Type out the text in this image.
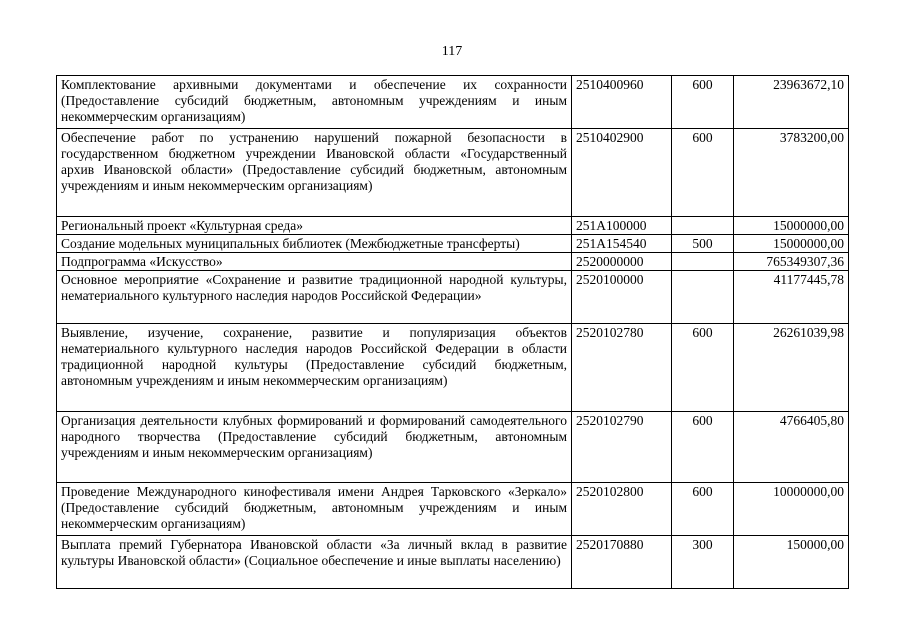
117
Комплектование архивными документами и обеспечение их сохранности (Предоставление субсидий бюджетным, автономным учреждениям и иным некоммерческим организациям)	2510400960	600	23963672,10
Обеспечение работ по устранению нарушений пожарной безопасности в государственном бюджетном учреждении Ивановской области «Государственный архив Ивановской области» (Предоставление субсидий бюджетным, автономным учреждениям и иным некоммерческим организациям)	2510402900	600	3783200,00
Региональный проект «Культурная среда»	251A100000		15000000,00
Создание модельных муниципальных библиотек (Межбюджетные трансферты)	251A154540	500	15000000,00
Подпрограмма «Искусство»	2520000000		765349307,36
Основное мероприятие «Сохранение и развитие традиционной народной культуры, нематериального культурного наследия народов Российской Федерации»	2520100000		41177445,78
Выявление, изучение, сохранение, развитие и популяризация объектов нематериального культурного наследия народов Российской Федерации в области традиционной народной культуры (Предоставление субсидий бюджетным, автономным учреждениям и иным некоммерческим организациям)	2520102780	600	26261039,98
Организация деятельности клубных формирований и формирований самодеятельного народного творчества (Предоставление субсидий бюджетным, автономным учреждениям и иным некоммерческим организациям)	2520102790	600	4766405,80
Проведение Международного кинофестиваля имени Андрея Тарковского «Зеркало» (Предоставление субсидий бюджетным, автономным учреждениям и иным некоммерческим организациям)	2520102800	600	10000000,00
Выплата премий Губернатора Ивановской области «За личный вклад в развитие культуры Ивановской области» (Социальное обеспечение и иные выплаты населению)	2520170880	300	150000,00
